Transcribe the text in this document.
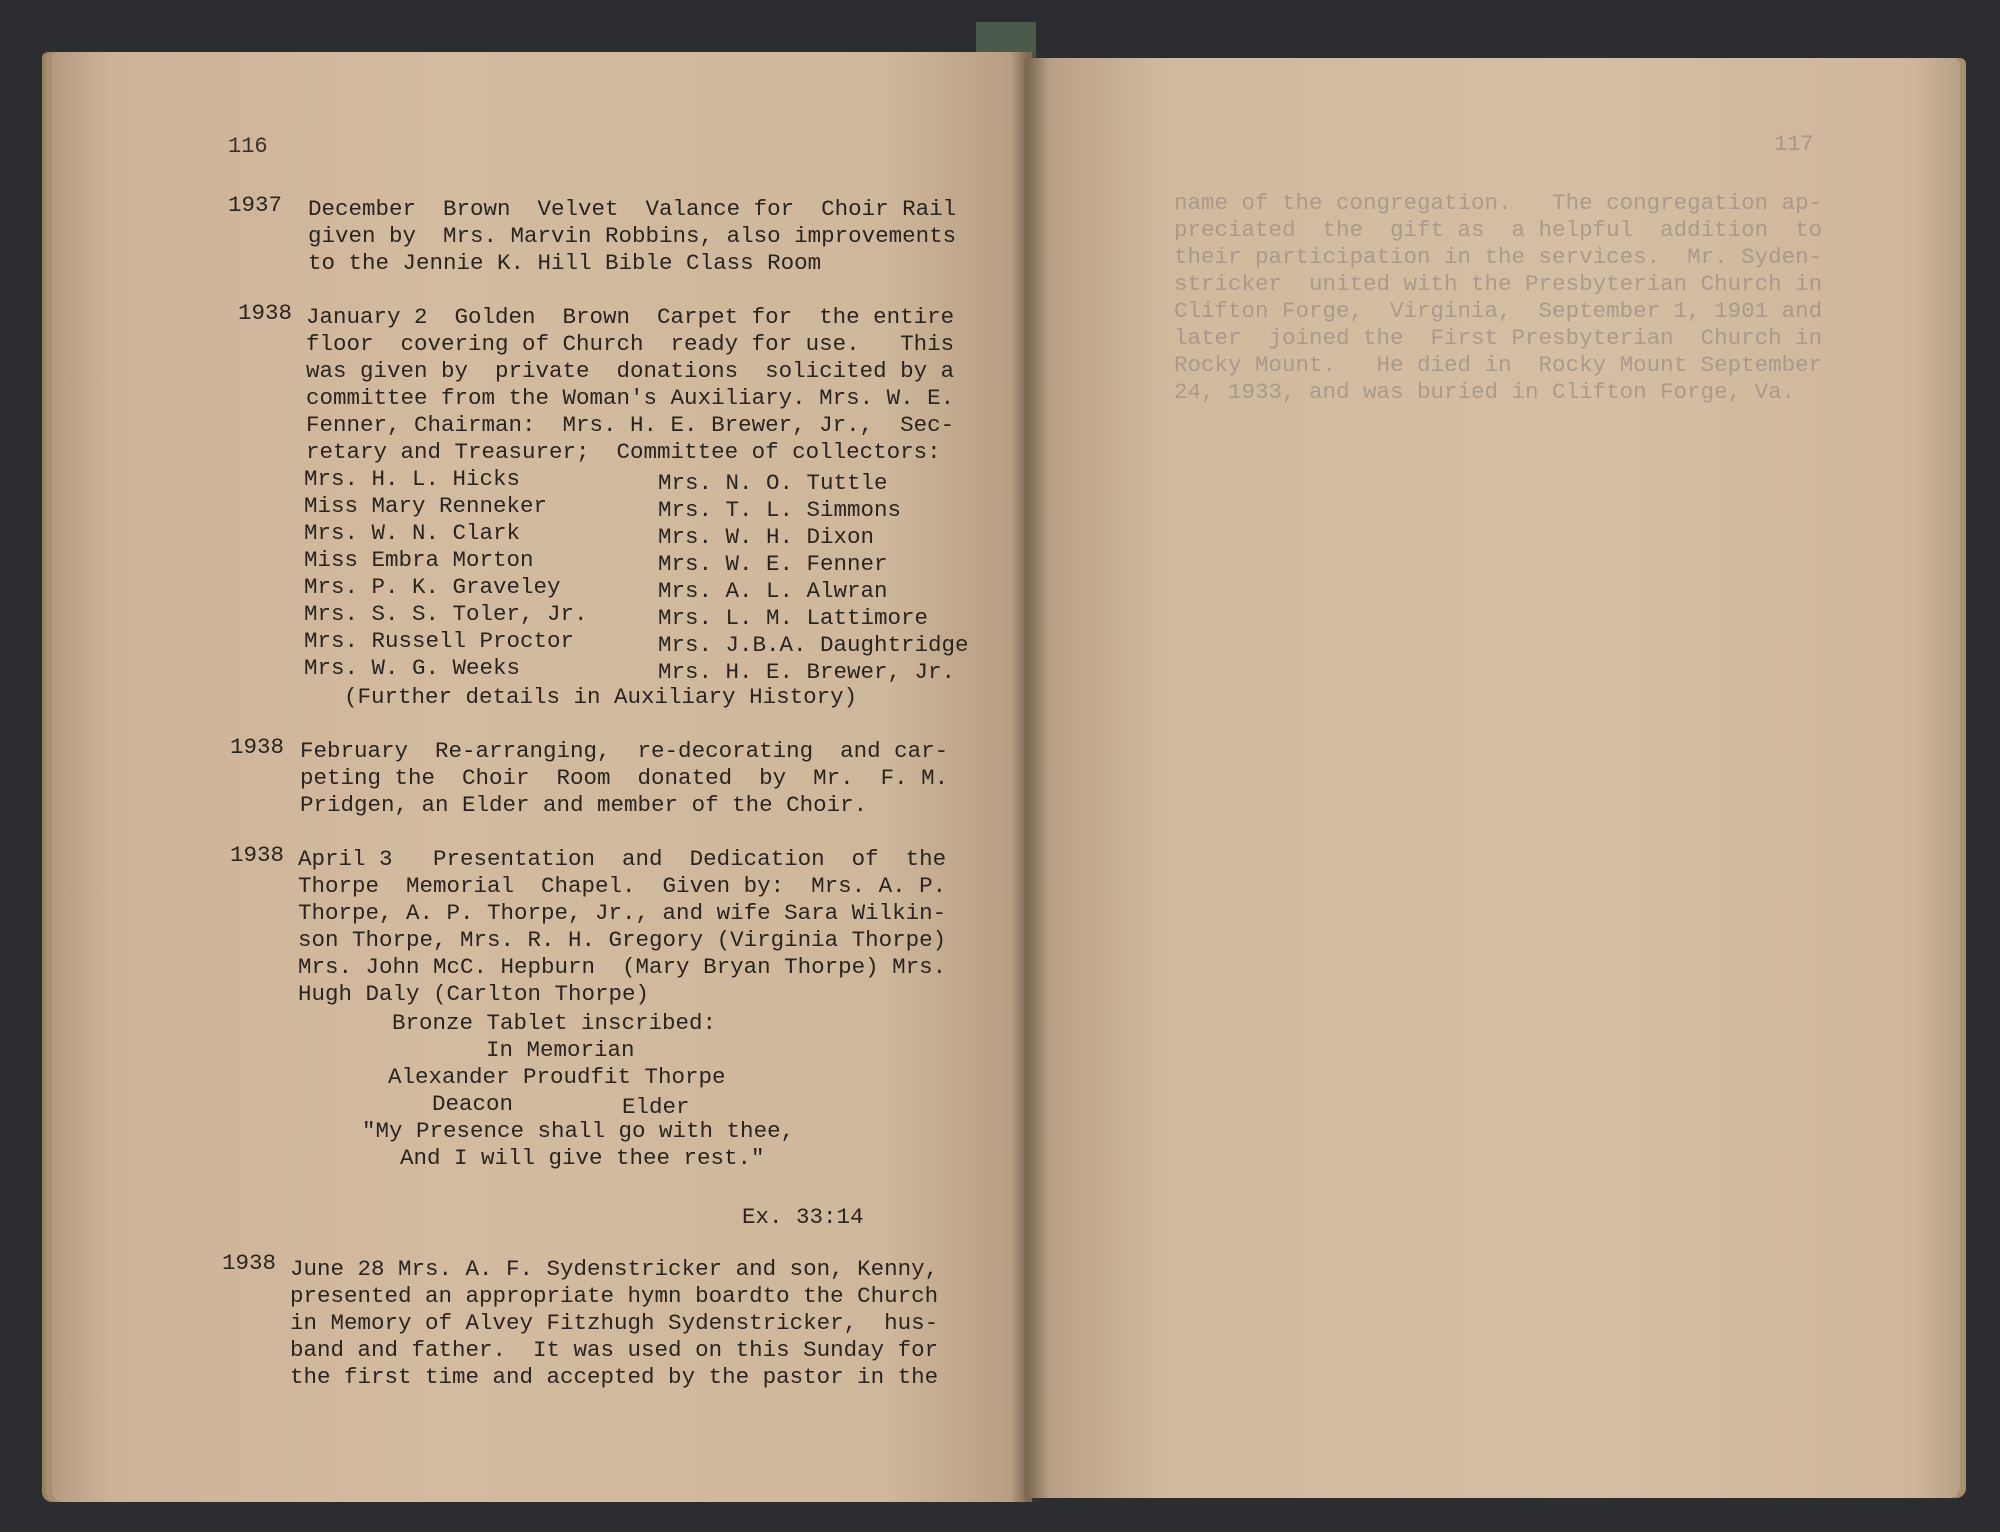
116
1937 December  Brown  Velvet  Valance for  Choir Rail
given by  Mrs. Marvin Robbins, also improvements
to the Jennie K. Hill Bible Class Room
1938 January 2  Golden  Brown  Carpet for  the entire
floor  covering of Church  ready for use.   This
was given by  private  donations  solicited by a
committee from the Woman's Auxiliary. Mrs. W. E.
Fenner, Chairman:  Mrs. H. E. Brewer, Jr.,  Sec-
retary and Treasurer;  Committee of collectors:
Mrs. H. L. Hicks
Miss Mary Renneker
Mrs. W. N. Clark
Miss Embra Morton
Mrs. P. K. Graveley
Mrs. S. S. Toler, Jr.
Mrs. Russell Proctor
Mrs. W. G. Weeks
Mrs. N. O. Tuttle
Mrs. T. L. Simmons
Mrs. W. H. Dixon
Mrs. W. E. Fenner
Mrs. A. L. Alwran
Mrs. L. M. Lattimore
Mrs. J.B.A. Daughtridge
Mrs. H. E. Brewer, Jr.
(Further details in Auxiliary History)
1938 February  Re-arranging,  re-decorating  and car-
peting the  Choir  Room  donated  by  Mr.  F. M.
Pridgen, an Elder and member of the Choir.
1938 April 3   Presentation  and  Dedication  of  the
Thorpe  Memorial  Chapel.  Given by:  Mrs. A. P.
Thorpe, A. P. Thorpe, Jr., and wife Sara Wilkin-
son Thorpe, Mrs. R. H. Gregory (Virginia Thorpe)
Mrs. John McC. Hepburn  (Mary Bryan Thorpe) Mrs.
Hugh Daly (Carlton Thorpe)
Bronze Tablet inscribed:
In Memorian
Alexander Proudfit Thorpe
Deacon	Elder
"My Presence shall go with thee,
And I will give thee rest."
Ex. 33:14
1938 June 28 Mrs. A. F. Sydenstricker and son, Kenny,
presented an appropriate hymn boardto the Church
in Memory of Alvey Fitzhugh Sydenstricker,  hus-
band and father.  It was used on this Sunday for
the first time and accepted by the pastor in the
117
name of the congregation.   The congregation ap-
preciated  the  gift as  a helpful  addition  to
their participation in the services.  Mr. Syden-
stricker  united with the Presbyterian Church in
Clifton Forge,  Virginia,  September 1, 1901 and
later  joined the  First Presbyterian  Church in
Rocky Mount.   He died in  Rocky Mount September
24, 1933, and was buried in Clifton Forge, Va.
